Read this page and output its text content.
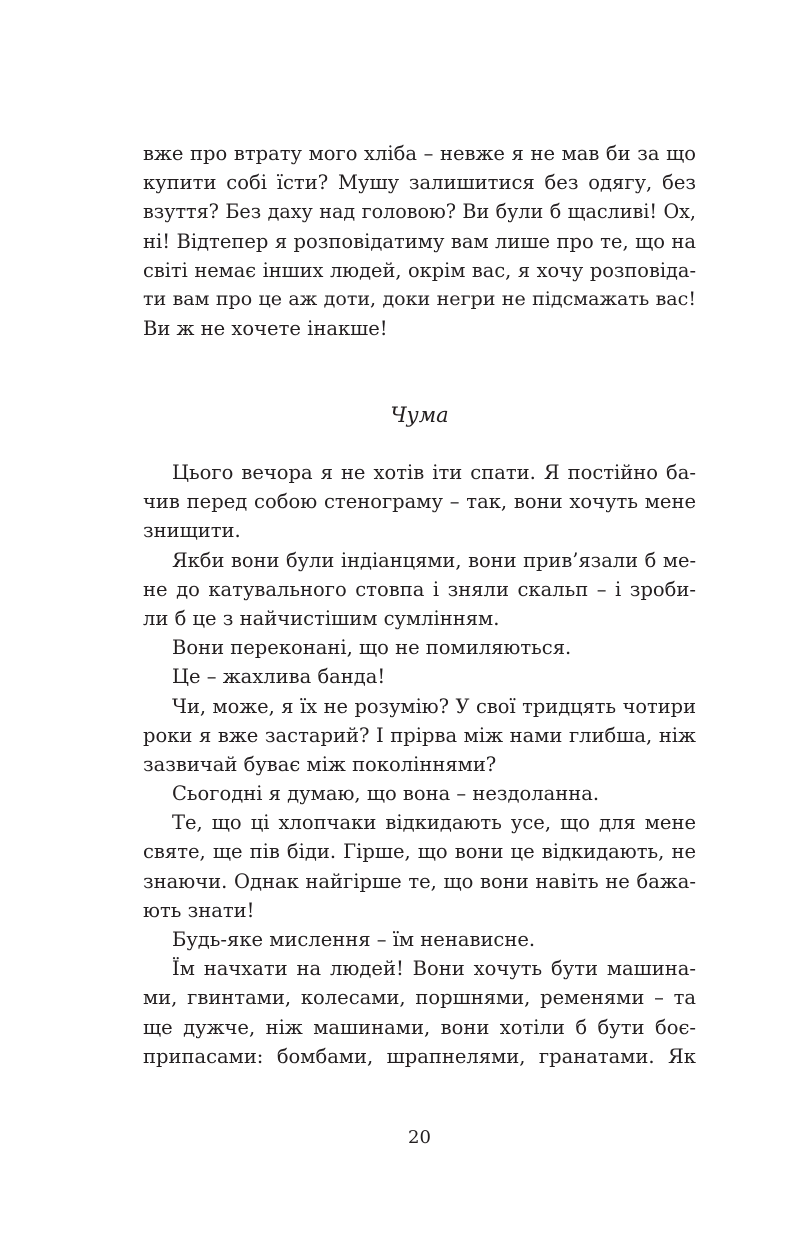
вже про втрату мого хліба – невже я не мав би за що
купити собі їсти? Мушу залишитися без одягу, без
взуття? Без даху над головою? Ви були б щасливі! Ох,
ні! Відтепер я розповідатиму вам лише про те, що на
світі немає інших людей, окрім вас, я хочу розповіда-
ти вам про це аж доти, доки негри не підсмажать вас!
Ви ж не хочете інакше!
Чума
Цього вечора я не хотів іти спати. Я постійно ба-
чив перед собою стенограму – так, вони хочуть мене
знищити.
Якби вони були індіанцями, вони прив’язали б ме-
не до катувального стовпа і зняли скальп – і зроби-
ли б це з найчистішим сумлінням.
Вони переконані, що не помиляються.
Це – жахлива банда!
Чи, може, я їх не розумію? У свої тридцять чотири
роки я вже застарий? І прірва між нами глибша, ніж
зазвичай буває між поколіннями?
Сьогодні я думаю, що вона – нездоланна.
Те, що ці хлопчаки відкидають усе, що для мене
святе, ще пів біди. Гірше, що вони це відкидають, не
знаючи. Однак найгірше те, що вони навіть не бажа-
ють знати!
Будь-яке мислення – їм ненависне.
Їм начхати на людей! Вони хочуть бути машина-
ми, гвинтами, колесами, поршнями, ременями – та
ще дужче, ніж машинами, вони хотіли б бути боє-
припасами: бомбами, шрапнелями, гранатами. Як
20
